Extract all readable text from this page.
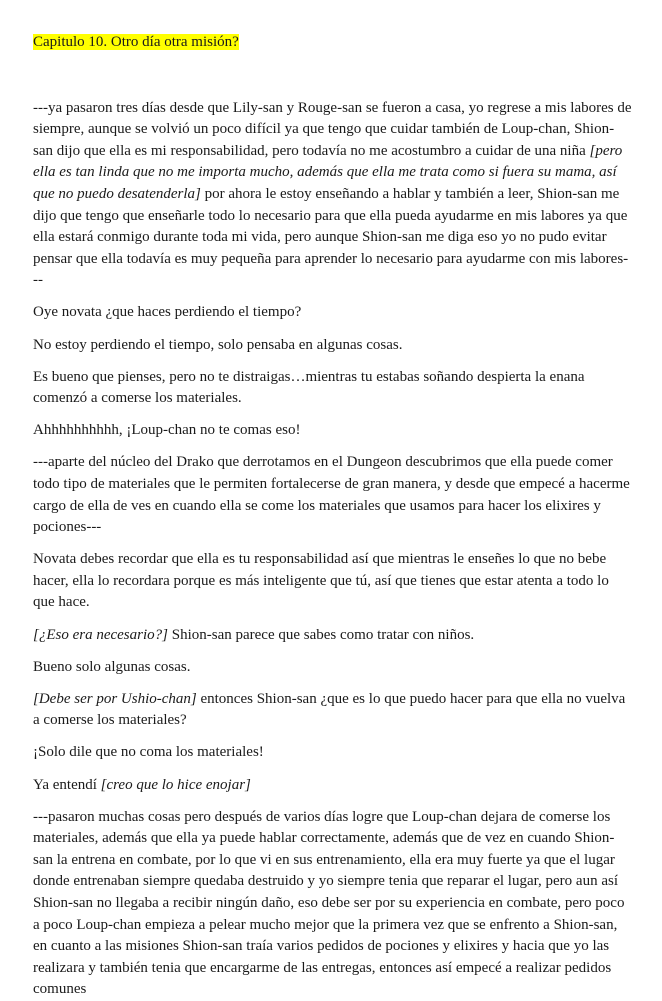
Capitulo 10. Otro día otra misión?

---ya pasaron tres días desde que Lily-san y Rouge-san se fueron a casa, yo regrese a mis labores de siempre, aunque se volvió un poco difícil ya que tengo que cuidar también de Loup-chan, Shion-san dijo que ella es mi responsabilidad, pero todavía no me acostumbro a cuidar de una niña [pero ella es tan linda que no me importa mucho, además que ella me trata como si fuera su mama, así que no puedo desatenderla] por ahora le estoy enseñando a hablar y también a leer, Shion-san me dijo que tengo que enseñarle todo lo necesario para que ella pueda ayudarme en mis labores ya que ella estará conmigo durante toda mi vida, pero aunque Shion-san me diga eso yo no pudo evitar pensar que ella todavía es muy pequeña para aprender lo necesario para ayudarme con mis labores---

Oye novata ¿que haces perdiendo el tiempo?

No estoy perdiendo el tiempo, solo pensaba en algunas cosas.

Es bueno que pienses, pero no te distraigas…mientras tu estabas soñando despierta la enana comenzó a comerse los materiales.

Ahhhhhhhhhh, ¡Loup-chan no te comas eso!

---aparte del núcleo del Drako que derrotamos en el Dungeon descubrimos que ella puede comer todo tipo de materiales que le permiten fortalecerse de gran manera, y desde que empecé a hacerme cargo de ella de ves en cuando ella se come los materiales que usamos para hacer los elixires y pociones---

Novata debes recordar que ella es tu responsabilidad así que mientras le enseñes lo que no bebe hacer, ella lo recordara porque es más inteligente que tú, así que tienes que estar atenta a todo lo que hace.

[¿Eso era necesario?] Shion-san parece que sabes como tratar con niños.

Bueno solo algunas cosas.

[Debe ser por Ushio-chan] entonces Shion-san ¿que es lo que puedo hacer para que ella no vuelva a comerse los materiales?

¡Solo dile que no coma los materiales!

Ya entendí [creo que lo hice enojar]

---pasaron muchas cosas pero después de varios días logre que Loup-chan dejara de comerse los materiales, además que ella ya puede hablar correctamente, además que de vez en cuando Shion-san la entrena en combate, por lo que vi en sus entrenamiento, ella era muy fuerte ya que el lugar donde entrenaban siempre quedaba destruido y yo siempre tenia que reparar el lugar, pero aun así Shion-san no llegaba a recibir ningún daño, eso debe ser por su experiencia en combate, pero poco a poco Loup-chan empieza a pelear mucho mejor que la primera vez que se enfrento a Shion-san, en cuanto a las misiones Shion-san traía varios pedidos de pociones y elixires y hacia que yo las realizara y también tenia que encargarme de las entregas, entonces así empecé a realizar pedidos comunes
